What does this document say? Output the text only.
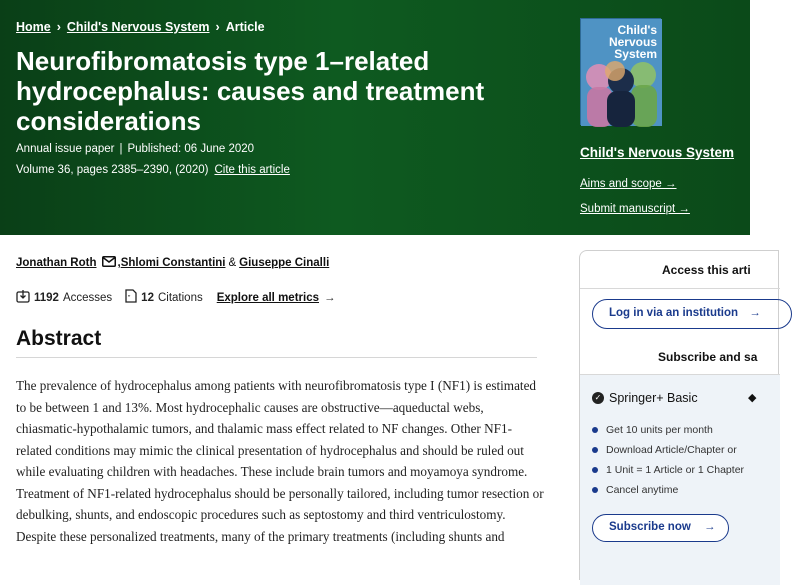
Home › Child's Nervous System › Article
Neurofibromatosis type 1–related hydrocephalus: causes and treatment considerations
Annual issue paper | Published: 06 June 2020
Volume 36, pages 2385–2390, (2020) Cite this article
Child's Nervous System
Child's Nervous System
Aims and scope →
Submit manuscript →
Jonathan Roth , Shlomi Constantini & Giuseppe Cinalli
1192 Accesses ” 12 Citations Explore all metrics →
Abstract

The prevalence of hydrocephalus among patients with neurofibromatosis type I (NF1) is estimated to be between 1 and 13%. Most hydrocephalic causes are obstructive—aqueductal webs, chiasmatic-hypothalamic tumors, and thalamic mass effect related to NF changes. Other NF1-related conditions may mimic the clinical presentation of hydrocephalus and should be ruled out while evaluating children with headaches. These include brain tumors and moyamoya syndrome. Treatment of NF1-related hydrocephalus should be personally tailored, including tumor resection or debulking, shunts, and endoscopic procedures such as septostomy and third ventriculostomy. Despite these personalized treatments, many of the primary treatments (including shunts and

Access this arti
Log in via an institution →
Subscribe and sa
✓ Springer+ Basic	◆
Get 10 units per month
Download Article/Chapter or
1 Unit = 1 Article or 1 Chapter
Cancel anytime
Subscribe now →
